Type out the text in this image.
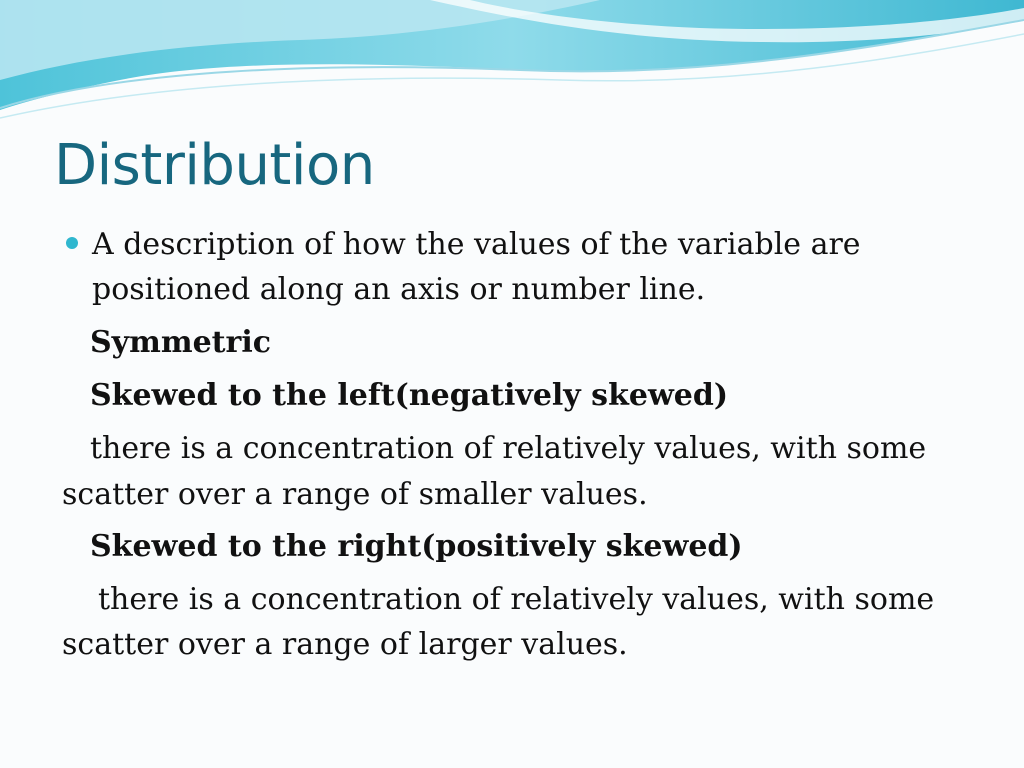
Distribution
A description of how the values of the variable are
positioned along an axis or number line.
Symmetric
Skewed to the left(negatively skewed)
there is a concentration of relatively values, with some
scatter over a range of smaller values.
Skewed to the right(positively skewed)
there is a concentration of relatively values, with some
scatter over a range of larger values.
